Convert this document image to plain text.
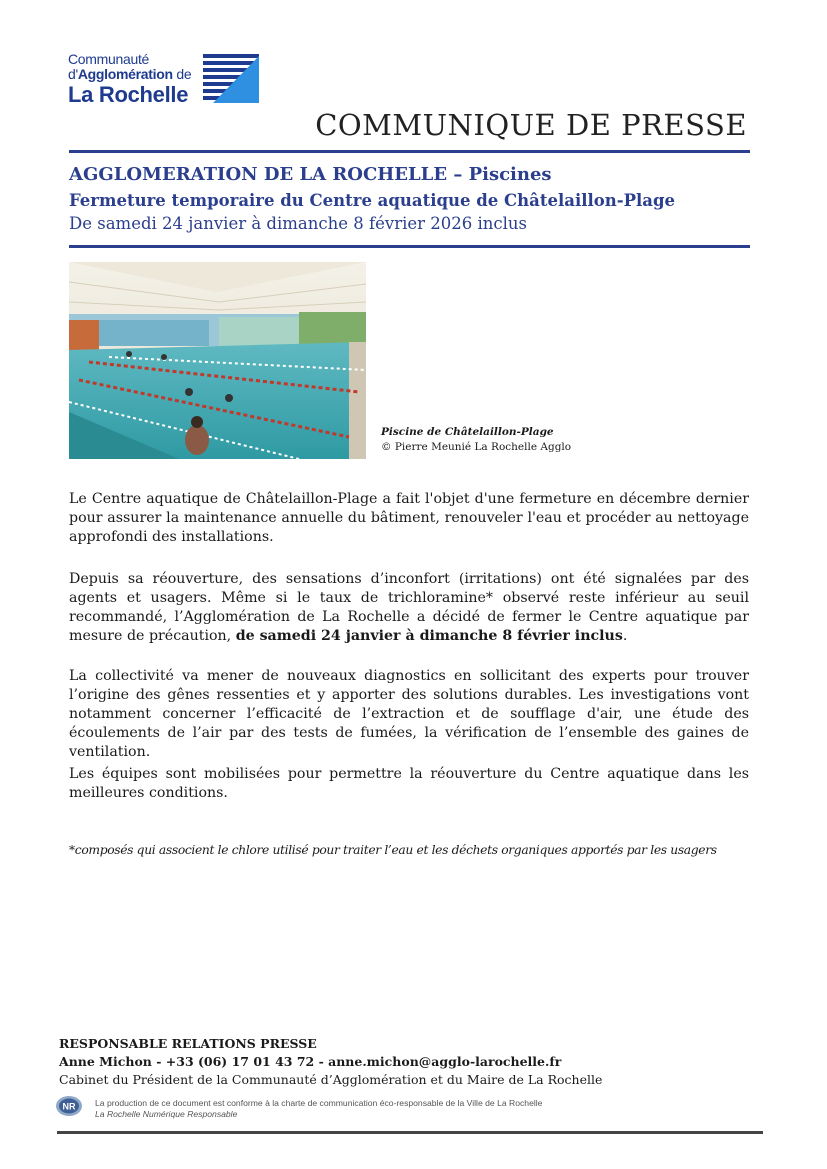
Communauté
d'Agglomération de
La Rochelle
COMMUNIQUE DE PRESSE
AGGLOMERATION DE LA ROCHELLE – Piscines
Fermeture temporaire du Centre aquatique de Châtelaillon-Plage
De samedi 24 janvier à dimanche 8 février 2026 inclus
Piscine de Châtelaillon-Plage
© Pierre Meunié La Rochelle Agglo
Le Centre aquatique de Châtelaillon-Plage a fait l'objet d'une fermeture en décembre dernier pour assurer la maintenance annuelle du bâtiment, renouveler l'eau et procéder au nettoyage approfondi des installations.
Depuis sa réouverture, des sensations d’inconfort (irritations) ont été signalées par des agents et usagers. Même si le taux de trichloramine* observé reste inférieur au seuil recommandé, l’Agglomération de La Rochelle a décidé de fermer le Centre aquatique par mesure de précaution, de samedi 24 janvier à dimanche 8 février inclus.
La collectivité va mener de nouveaux diagnostics en sollicitant des experts pour trouver l’origine des gênes ressenties et y apporter des solutions durables. Les investigations vont notamment concerner l’efficacité de l’extraction et de soufflage d'air, une étude des écoulements de l’air par des tests de fumées, la vérification de l’ensemble des gaines de ventilation.
Les équipes sont mobilisées pour permettre la réouverture du Centre aquatique dans les meilleures conditions.
*composés qui associent le chlore utilisé pour traiter l’eau et les déchets organiques apportés par les usagers
RESPONSABLE RELATIONS PRESSE
Anne Michon - +33 (06) 17 01 43 72 - anne.michon@agglo-larochelle.fr
Cabinet du Président de la Communauté d’Agglomération et du Maire de La Rochelle
NR La production de ce document est conforme à la charte de communication éco-responsable de la Ville de La Rochelle
La Rochelle Numérique Responsable
